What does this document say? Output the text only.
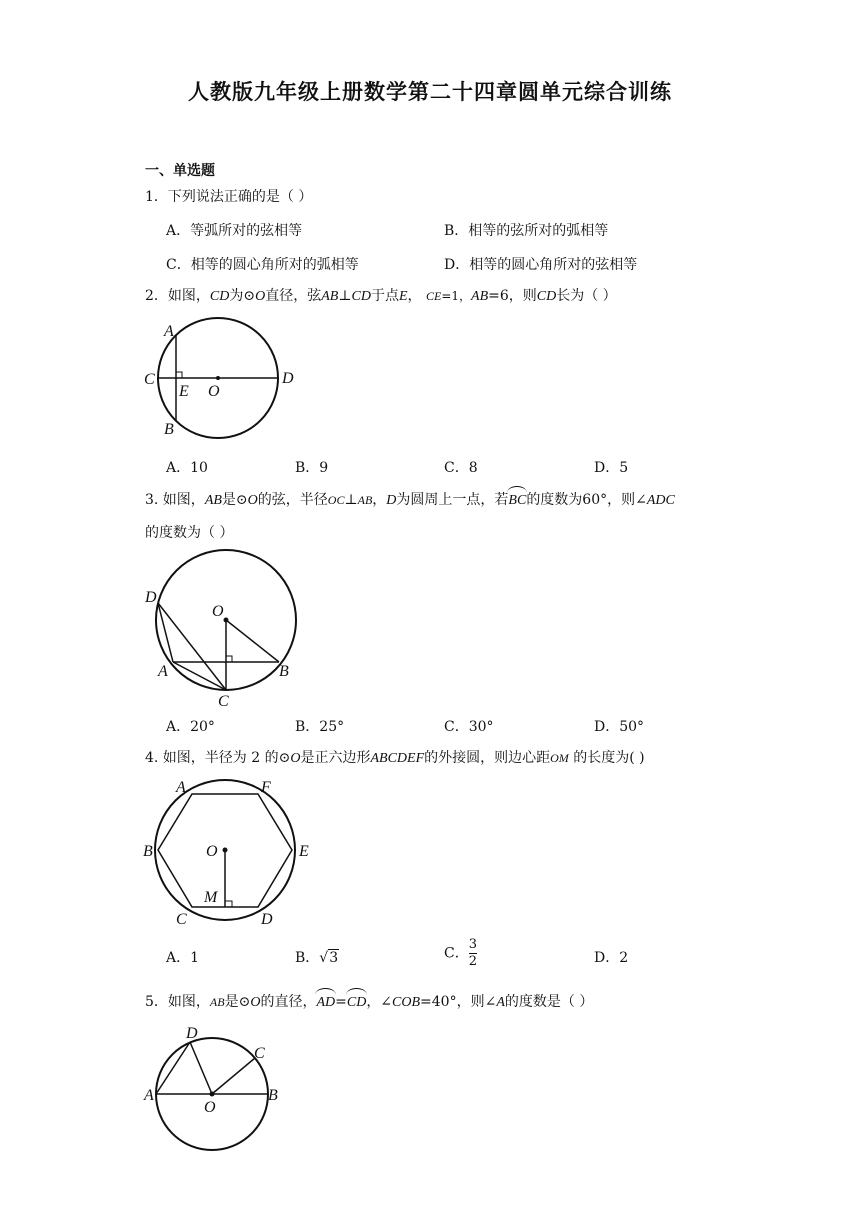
人教版九年级上册数学第二十四章圆单元综合训练
一、单选题
1．下列说法正确的是（ ）
A．等弧所对的弦相等	B．相等的弦所对的弧相等
C．相等的圆心角所对的弧相等	D．相等的圆心角所对的弦相等
2．如图，CD为⊙O直径，弦AB⊥CD于点E， CE=1，AB=6，则CD长为（ ）
A
C
E O
D
B
A．10	B．9	C．8	D．5
3. 如图，AB是⊙O的弦，半径OC⊥AB，D为圆周上一点，若BC的度数为60°，则∠ADC
的度数为（ ）
D
O
A	B
C
A．20°	B．25°	C．30°	D．50°
4. 如图，半径为 2 的⊙O是正六边形ABCDEF的外接圆，则边心距OM 的长度为( )
A	F
B	E
O
M
C	D
A．1	B．√3	C．$\frac{3}{2}$	D．2
5．如图，AB是⊙O的直径，AD=CD，∠COB=40°，则∠A的度数是（ ）
D
C
A	B
O
